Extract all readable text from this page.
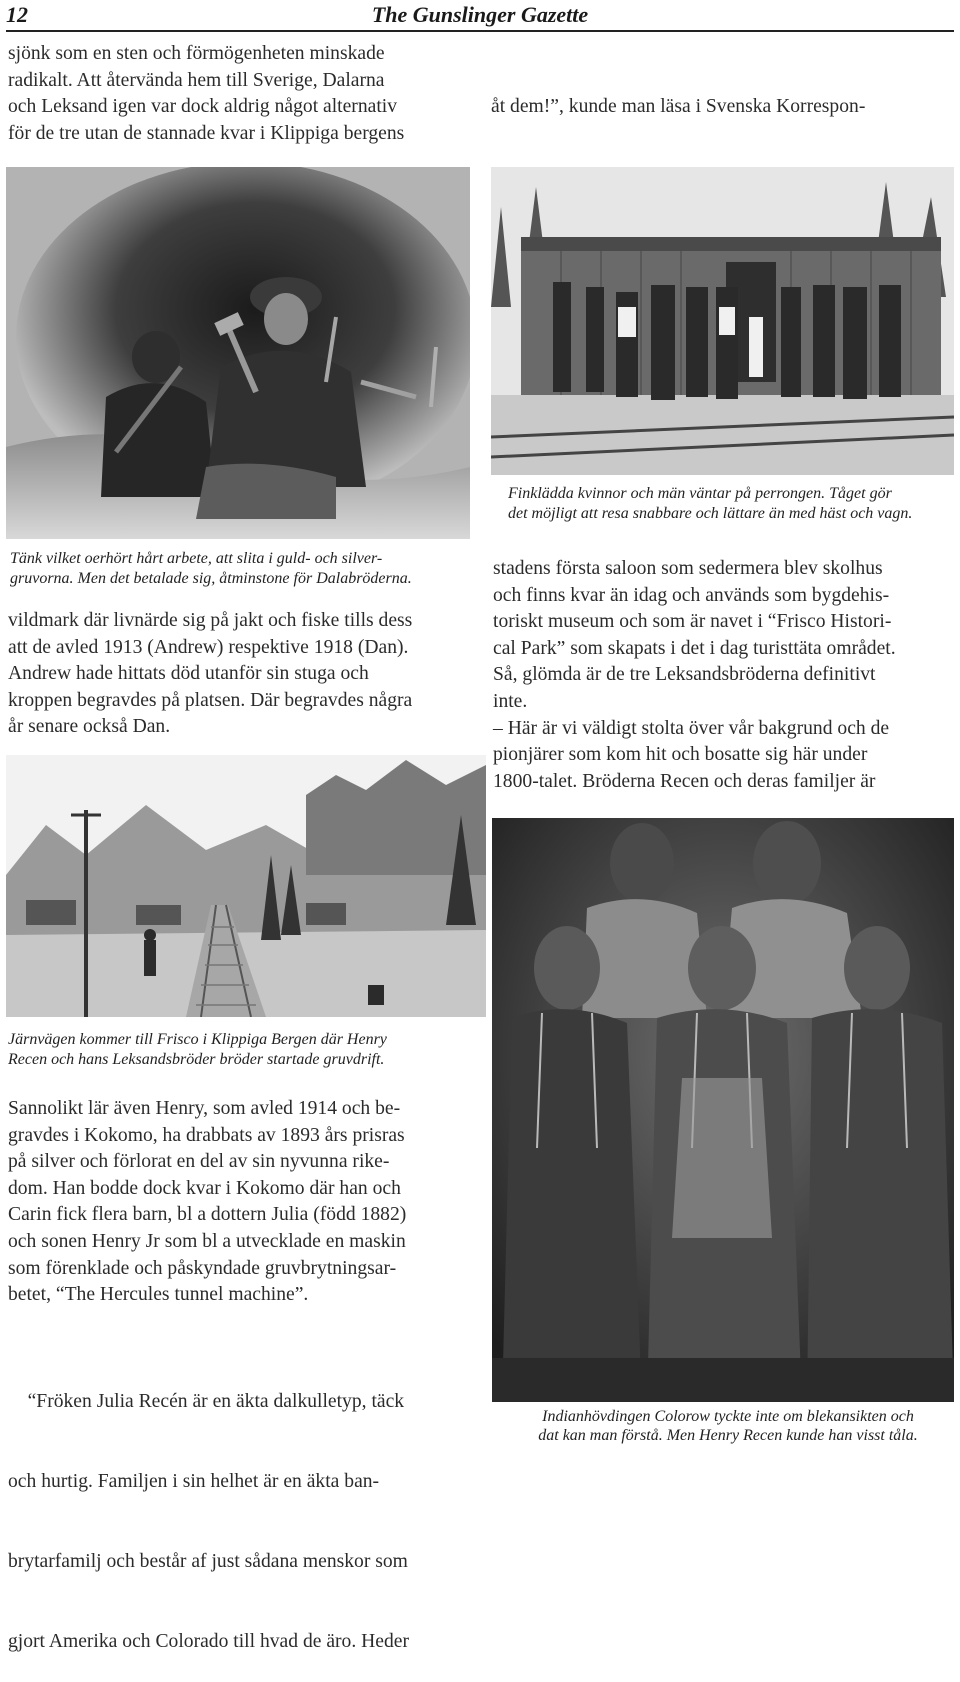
12	The Gunslinger Gazette

sjönk som en sten och förmögenheten minskade

radikalt. Att återvända hem till Sverige, Dalarna

och Leksand igen var dock aldrig något alternativ

för de tre utan de stannade kvar i Klippiga bergens

åt dem!”, kunde man läsa i Svenska Korrespon-

Finklädda kvinnor och män väntar på perrongen. Tåget gör
det möjligt att resa snabbare och lättare än med häst och vagn.
Tänk vilket oerhört hårt arbete, att slita i guld- och silver-
gruvorna. Men det betalade sig, åtminstone för Dalabröderna.

vildmark där livnärde sig på jakt och fiske tills dess

att de avled 1913 (Andrew) respektive 1918 (Dan).

Andrew hade hittats död utanför sin stuga och

kroppen begravdes på platsen. Där begravdes några

år senare också Dan.

stadens första saloon som sedermera blev skolhus

och finns kvar än idag och används som bygdehis-

toriskt museum och som är navet i “Frisco Histori-

cal Park” som skapats i det i dag turisttäta området.

Så, glömda är de tre Leksandsbröderna definitivt

inte.

– Här är vi väldigt stolta över vår bakgrund och de

pionjärer som kom hit och bosatte sig här under

1800-talet. Bröderna Recen och deras familjer är

Järnvägen kommer till Frisco i Klippiga Bergen där Henry
Recen och hans Leksandsbröder bröder startade gruvdrift.

Sannolikt lär även Henry, som avled 1914 och be-

gravdes i Kokomo, ha drabbats av 1893 års prisras

på silver och förlorat en del av sin nyvunna rike-

dom. Han bodde dock kvar i Kokomo där han och

Carin fick flera barn, bl a dottern Julia (född 1882)

och sonen Henry Jr som bl a utvecklade en maskin

som förenklade och påskyndade gruvbrytningsar-

betet, “The Hercules tunnel machine”.

“Fröken Julia Recén är en äkta dalkulletyp, täck

och hurtig. Familjen i sin helhet är en äkta ban-

brytarfamilj och består af just sådana menskor som

gjort Amerika och Colorado till hvad de äro. Heder

Indianhövdingen Colorow tyckte inte om blekansikten och
dat kan man förstå. Men Henry Recen kunde han visst tåla.
